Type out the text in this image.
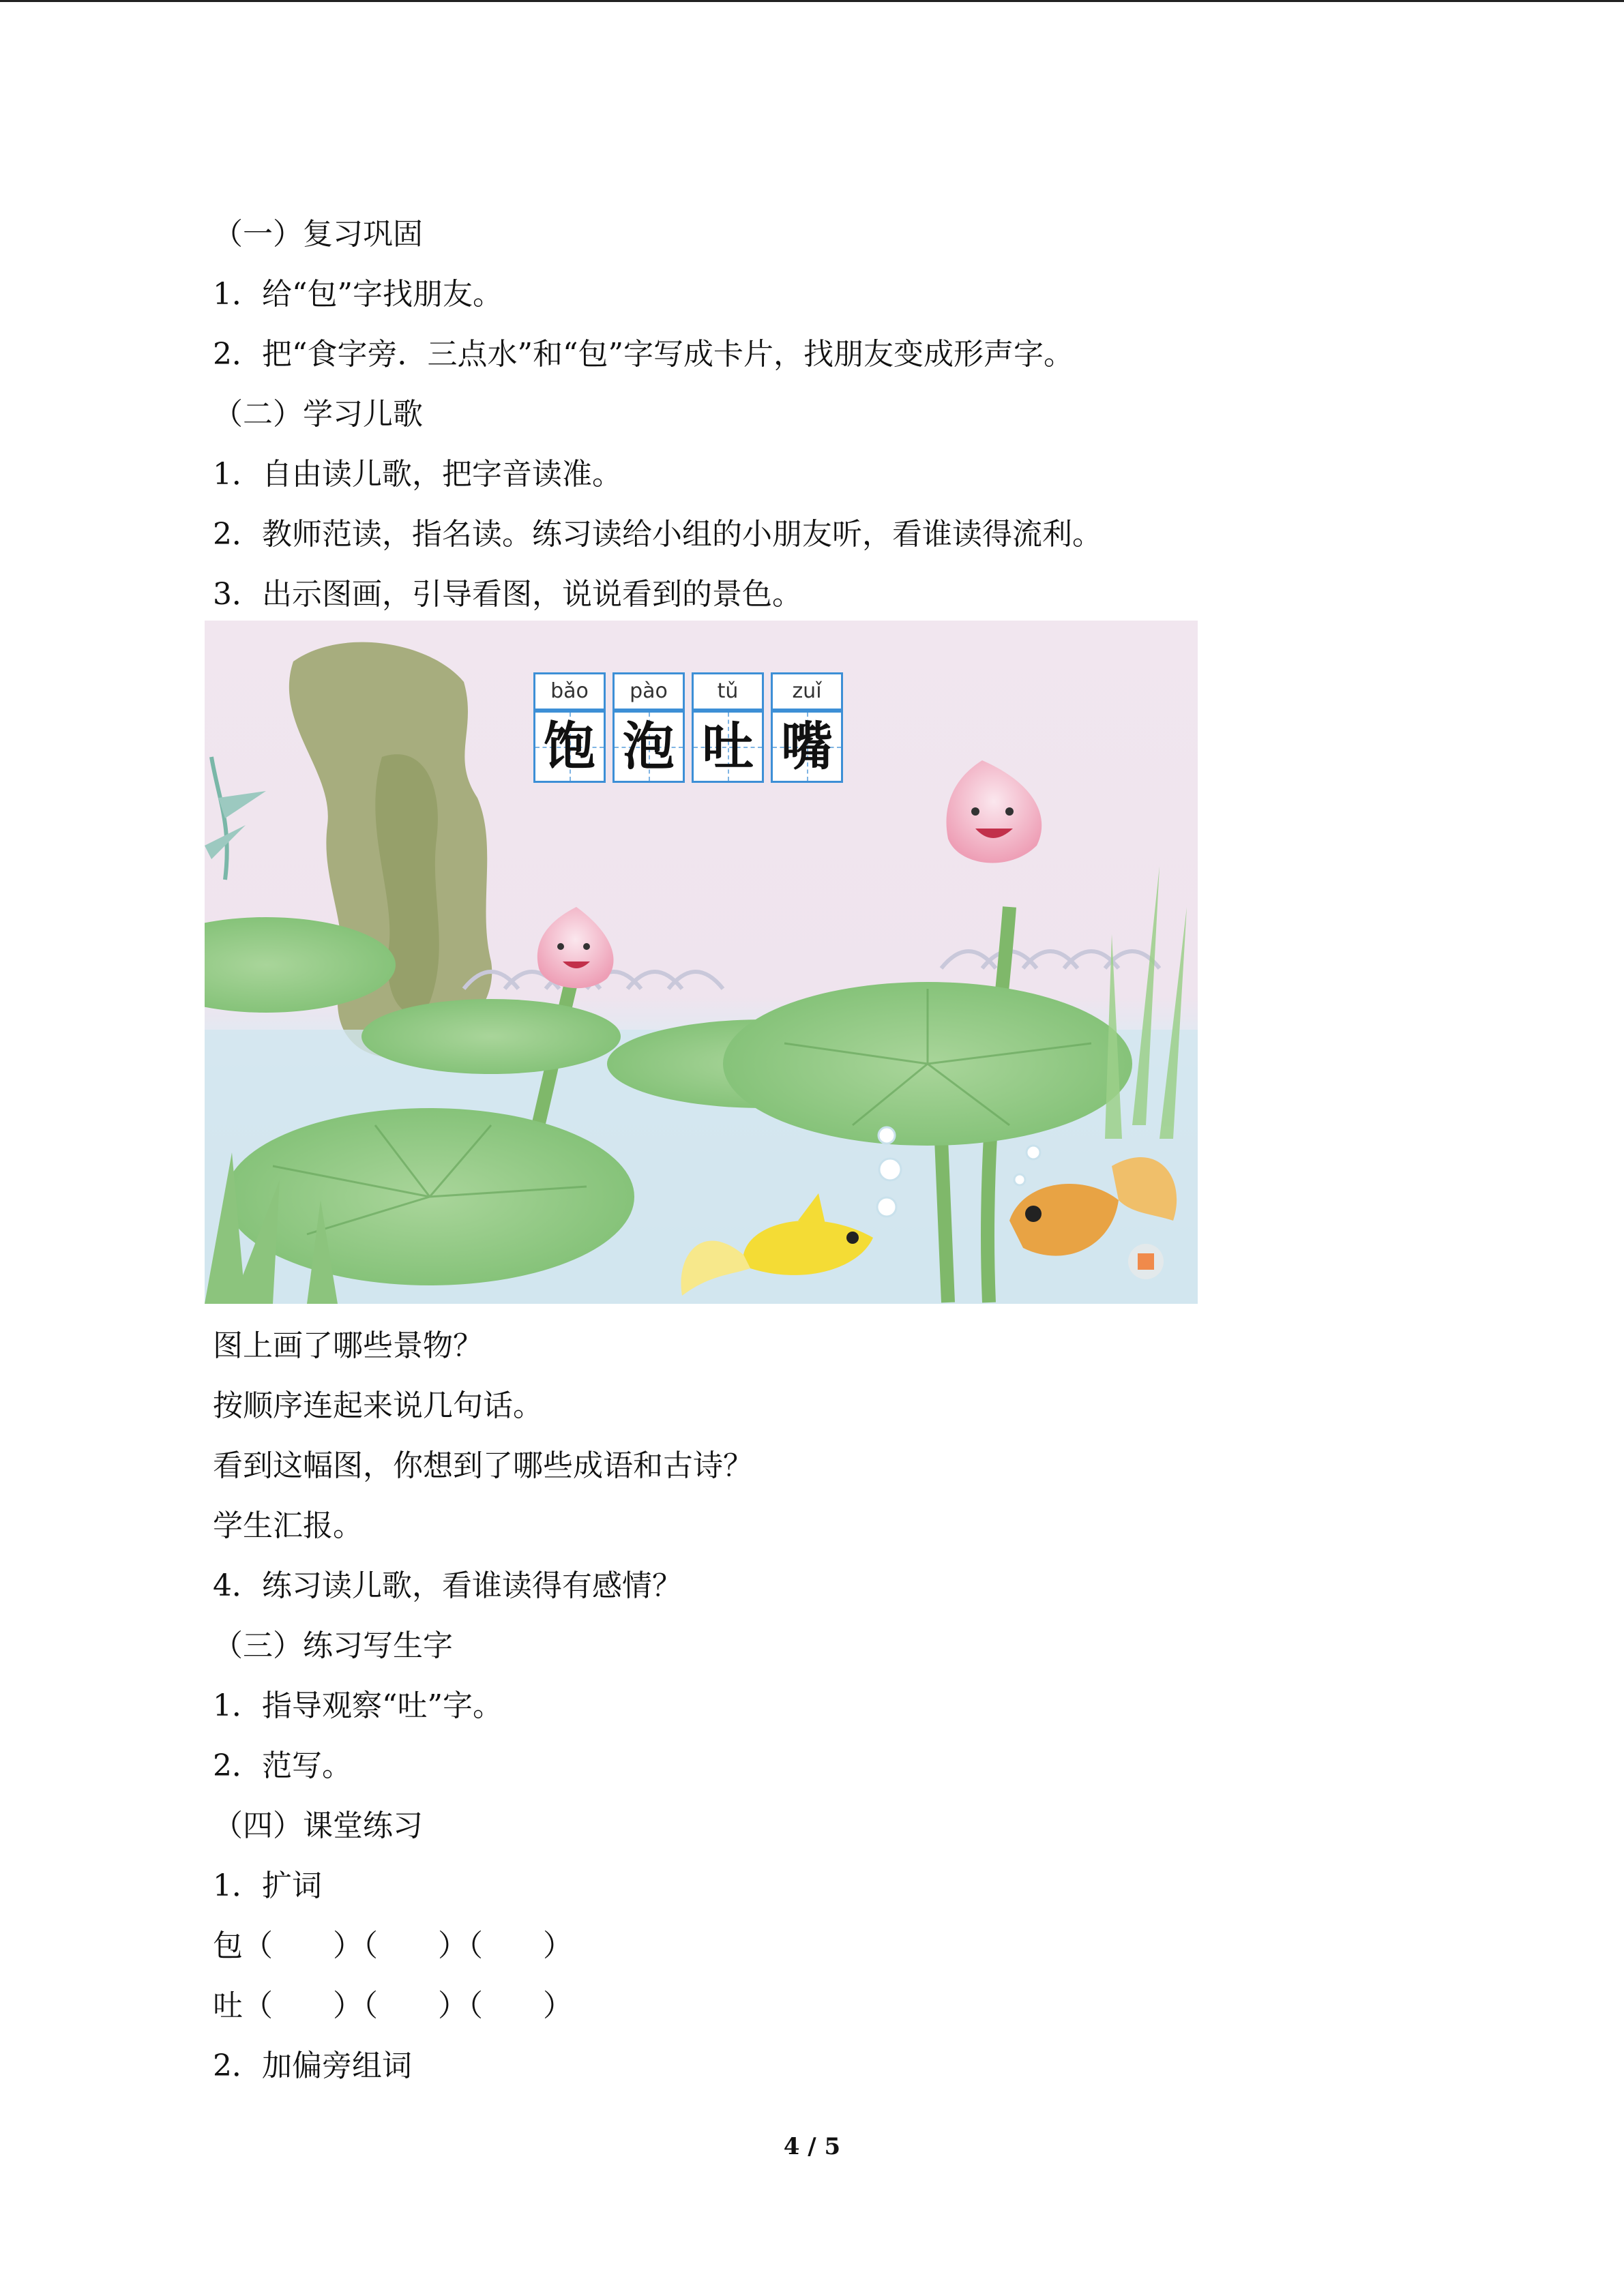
（一）复习巩固
1．给“包”字找朋友。
2．把“食字旁．三点水”和“包”字写成卡片，找朋友变成形声字。
（二）学习儿歌
1．自由读儿歌，把字音读准。
2．教师范读，指名读。练习读给小组的小朋友听，看谁读得流利。
3．出示图画，引导看图，说说看到的景色。
bǎo	pào	tǔ	zuǐ
饱 泡 吐 嘴
图上画了哪些景物？
按顺序连起来说几句话。
看到这幅图，你想到了哪些成语和古诗？
学生汇报。
4．练习读儿歌，看谁读得有感情？
（三）练习写生字
1．指导观察“吐”字。
2．范写。
（四）课堂练习
1．扩词
包（　　）（　　）（　　）
吐（　　）（　　）（　　）
2．加偏旁组词
4 / 5
